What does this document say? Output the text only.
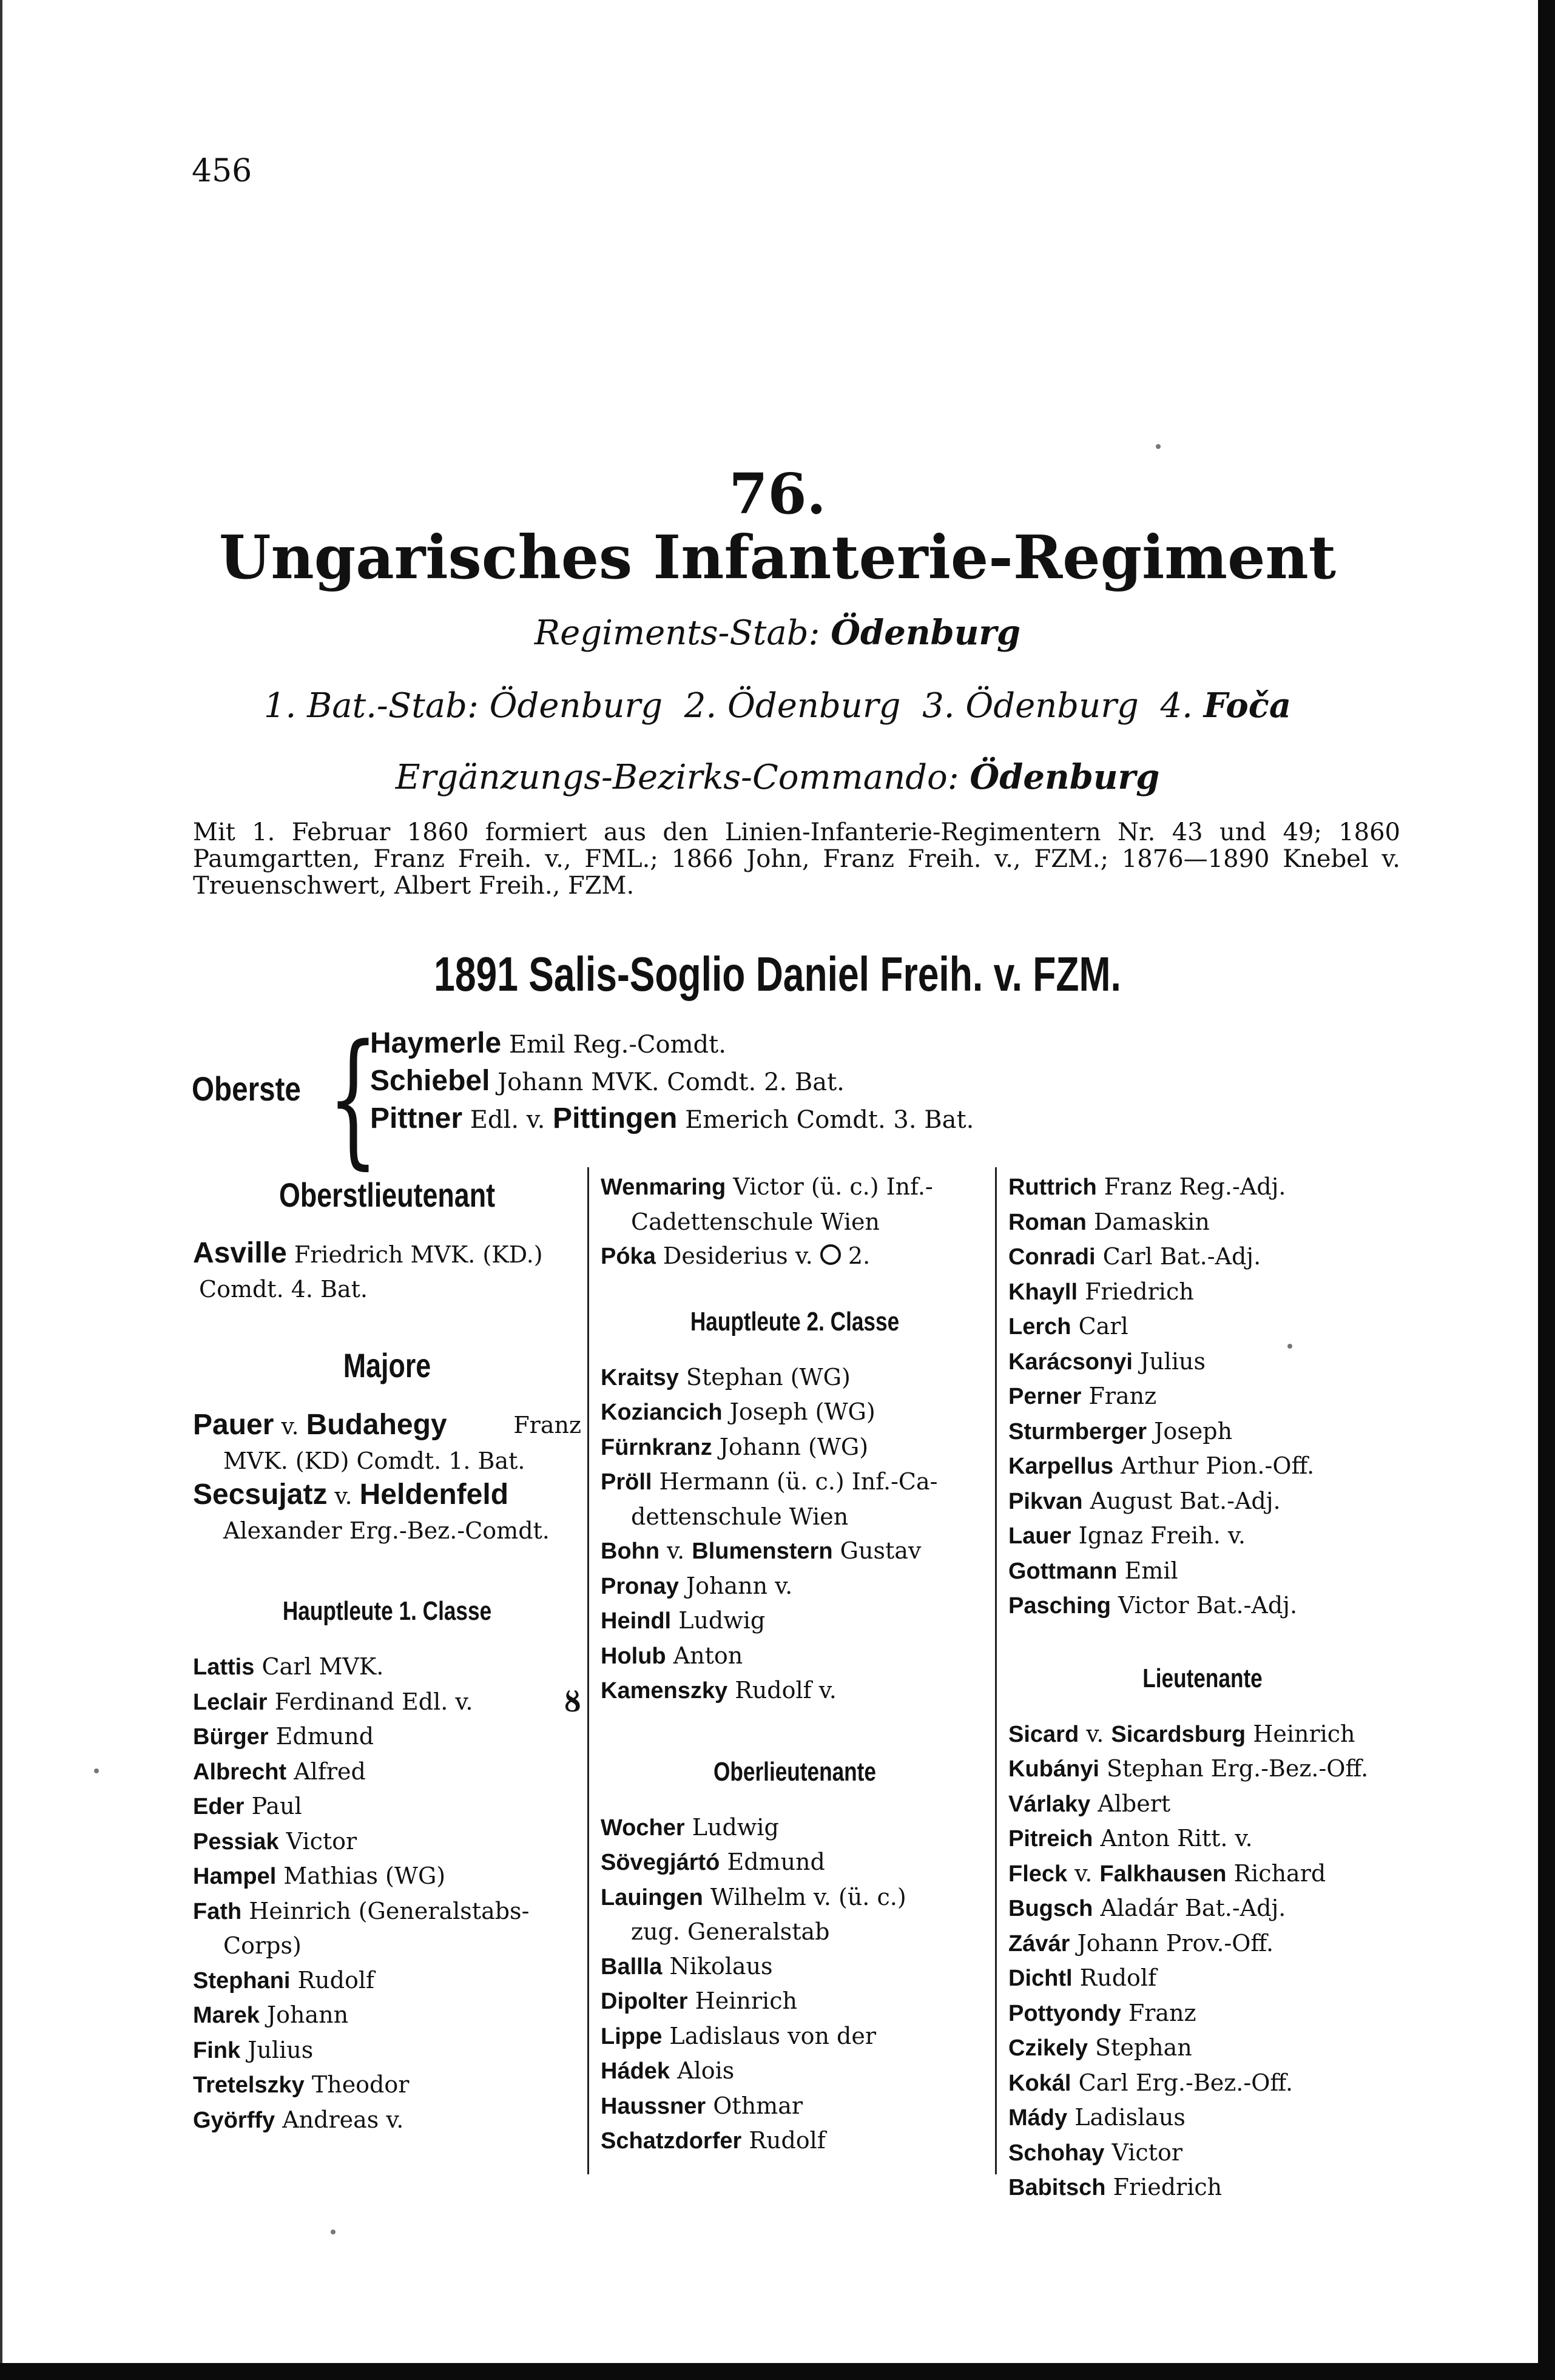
456
76.
Ungarisches Infanterie-Regiment
Regiments-Stab: Ödenburg
1. Bat.-Stab: Ödenburg 2. Ödenburg 3. Ödenburg 4. Foča
Ergänzungs-Bezirks-Commando: Ödenburg
Mit 1. Februar 1860 formiert aus den Linien-Infanterie-Regimentern Nr. 43 und 49; 1860 Paumgartten, Franz Freih. v., FML.; 1866 John, Franz Freih. v., FZM.; 1876—1890 Knebel v. Treuenschwert, Albert Freih., FZM.
1891 Salis-Soglio Daniel Freih. v. FZM.
Oberste {
Haymerle Emil Reg.-Comdt.
Schiebel Johann MVK. Comdt. 2. Bat.
Pittner Edl. v. Pittingen Emerich Comdt. 3. Bat.
Oberstlieutenant
Asville Friedrich MVK. (KD.)
Comdt. 4. Bat.
Majore
Pauer v. Budahegy	Franz
MVK. (KD) Comdt. 1. Bat.
Secsujatz v. Heldenfeld
Alexander Erg.-Bez.-Comdt.
Hauptleute 1. Classe
Lattis Carl MVK.
Leclair Ferdinand Edl. v.	ȣ
Bürger Edmund
Albrecht Alfred
Eder Paul
Pessiak Victor
Hampel Mathias (WG)
Fath Heinrich (Generalstabs-
Corps)
Stephani Rudolf
Marek Johann
Fink Julius
Tretelszky Theodor
Györffy Andreas v.
Wenmaring Victor (ü. c.) Inf.-
Cadettenschule Wien
Póka Desiderius v.  2.
Hauptleute 2. Classe
Kraitsy Stephan (WG)
Koziancich Joseph (WG)
Fürnkranz Johann (WG)
Pröll Hermann (ü. c.) Inf.-Ca-
dettenschule Wien
Bohn v. Blumenstern Gustav
Pronay Johann v.
Heindl Ludwig
Holub Anton
Kamenszky Rudolf v.
Oberlieutenante
Wocher Ludwig
Sövegjártó Edmund
Lauingen Wilhelm v. (ü. c.)
zug. Generalstab
Ballla Nikolaus
Dipolter Heinrich
Lippe Ladislaus von der
Hádek Alois
Haussner Othmar
Schatzdorfer Rudolf
Ruttrich Franz Reg.-Adj.
Roman Damaskin
Conradi Carl Bat.-Adj.
Khayll Friedrich
Lerch Carl
Karácsonyi Julius
Perner Franz
Sturmberger Joseph
Karpellus Arthur Pion.-Off.
Pikvan August Bat.-Adj.
Lauer Ignaz Freih. v.
Gottmann Emil
Pasching Victor Bat.-Adj.
Lieutenante
Sicard v. Sicardsburg Heinrich
Kubányi Stephan Erg.-Bez.-Off.
Várlaky Albert
Pitreich Anton Ritt. v.
Fleck v. Falkhausen Richard
Bugsch Aladár Bat.-Adj.
Závár Johann Prov.-Off.
Dichtl Rudolf
Pottyondy Franz
Czikely Stephan
Kokál Carl Erg.-Bez.-Off.
Mády Ladislaus
Schohay Victor
Babitsch Friedrich
